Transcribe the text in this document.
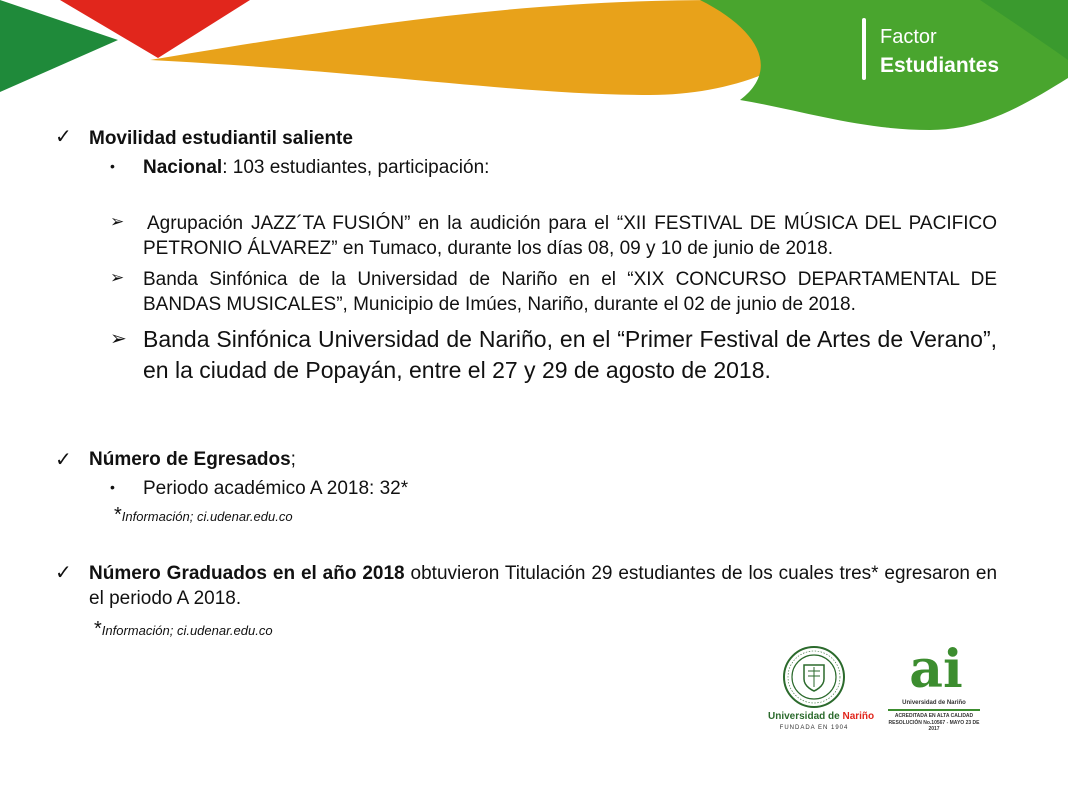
Factor
Estudiantes
✓ Movilidad estudiantil saliente
• Nacional: 103 estudiantes, participación:
➢ Agrupación JAZZ´TA FUSIÓN” en la audición para el “XII FESTIVAL DE MÚSICA DEL PACIFICO PETRONIO ÁLVAREZ” en Tumaco, durante los días 08, 09 y 10 de junio de 2018.
➢ Banda Sinfónica de la Universidad de Nariño en el “XIX CONCURSO DEPARTAMENTAL DE BANDAS MUSICALES”, Municipio de Imúes, Nariño, durante el 02 de junio de 2018.
➢ Banda Sinfónica Universidad de Nariño, en el “Primer Festival de Artes de Verano”, en la ciudad de Popayán, entre el 27 y 29 de agosto de 2018.
✓ Número de Egresados;
• Periodo académico A 2018: 32*
*Información; ci.udenar.edu.co
✓ Número Graduados en el año 2018 obtuvieron Titulación 29 estudiantes de los cuales tres* egresaron en el periodo A 2018.
*Información; ci.udenar.edu.co
Universidad de Nariño
FUNDADA EN 1904
ai
Universidad de Nariño
ACREDITADA EN ALTA CALIDAD
RESOLUCIÓN No.10567 - MAYO 23 DE 2017
